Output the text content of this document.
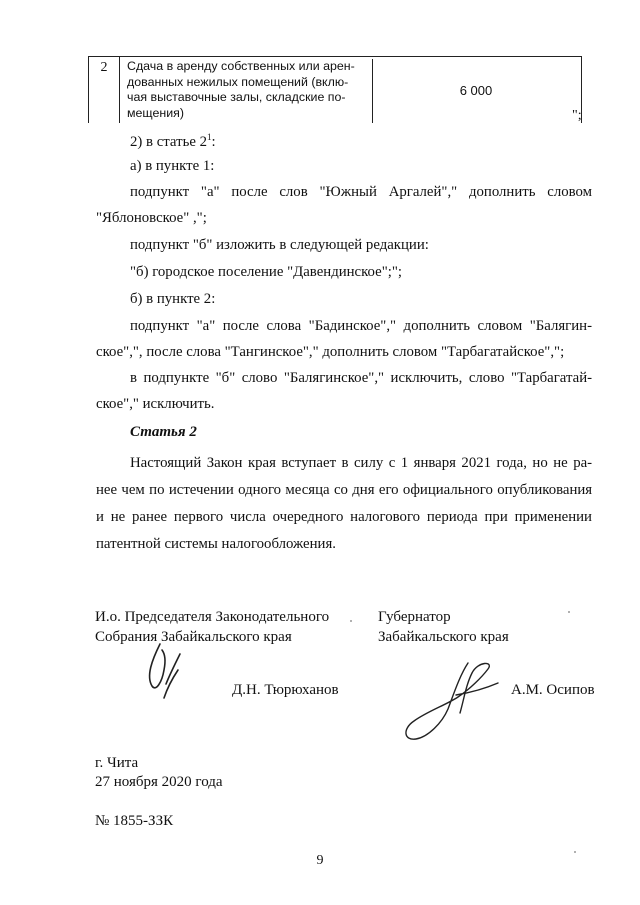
2	Сдача в аренду собственных или арен-
дованных нежилых помещений (вклю-
чая выставочные залы, складские по-
мещения)
6 000
";
2) в статье $2^1$:
а) в пункте 1:
подпункт "а" после слов "Южный Аргалей"," дополнить словом
"Яблоновское" ,";
подпункт "б" изложить в следующей редакции:
"б) городское поселение "Давендинское";";
б) в пункте 2:
подпункт "а" после слова "Бадинское"," дополнить словом "Балягин-
ское",", после слова "Тангинское"," дополнить словом "Тарбагатайское",";
в подпункте "б" слово "Балягинское"," исключить, слово "Тарбагатай-
ское"," исключить.
Статья 2
Настоящий Закон края вступает в силу с 1 января 2021 года, но не ра-
нее чем по истечении одного месяца со дня его официального опубликования
и не ранее первого числа очередного налогового периода при применении
патентной системы налогообложения.
И.о. Председателя Законодательного
Собрания Забайкальского края
Губернатор
Забайкальского края
Д.Н. Тюрюханов	А.М. Осипов
г. Чита
27 ноября 2020 года
№ 1855-ЗЗК
9
